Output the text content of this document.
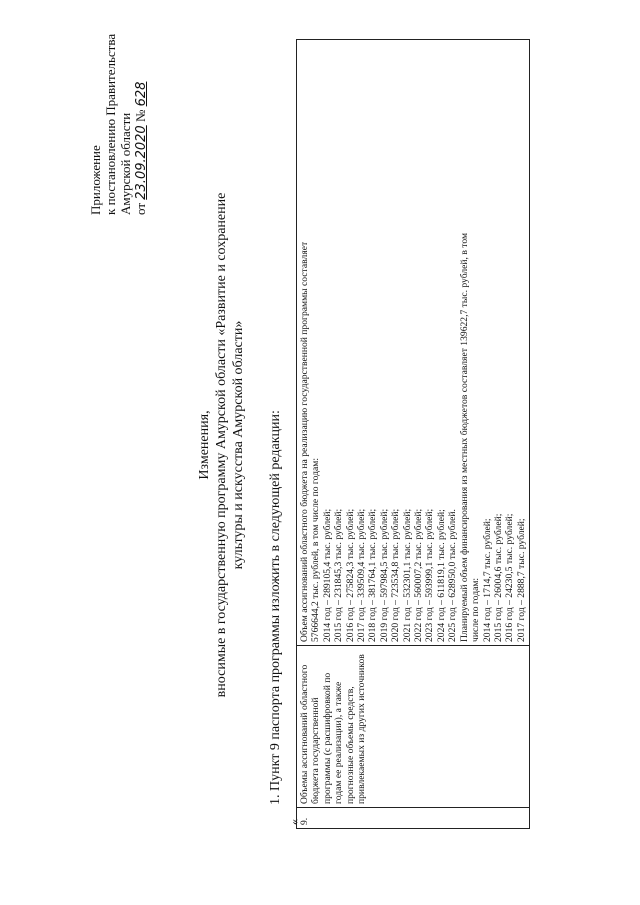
Приложение к постановлению Правительства Амурской области от 23.09.2020 № 628
Изменения, вносимые в государственную программу Амурской области «Развитие и сохранение культуры и искусства Амурской области» 1. Пункт 9 паспорта программы изложить в следующей редакции:
«
9.	Объемы ассигнований областного бюджета государственной программы (с расшифровкой по годам ее реализации), а также прогнозные объемы средств, привлекаемых из других источников	
Объем ассигнований областного бюджета на реализацию государственной программы составляет 5766644,2 тыс. рублей, в том числе по годам: 2014 год – 289105,4 тыс. рублей; 2015 год – 231845,3 тыс. рублей; 2016 год – 275824,3 тыс. рублей; 2017 год – 339509,4 тыс. рублей; 2018 год – 381764,1 тыс. рублей; 2019 год – 597984,5 тыс. рублей; 2020 год – 723534,8 тыс. рублей; 2021 год – 532301,1 тыс. рублей; 2022 год – 560007,2 тыс. рублей; 2023 год – 593999,1 тыс. рублей; 2024 год – 611819,1 тыс. рублей; 2025 год – 628950,0 тыс. рублей. Планируемый объем финансирования из местных бюджетов составляет 139622,7 тыс. рублей, в том числе по годам: 2014 год – 1714,7 тыс. рублей; 2015 год – 26004,6 тыс. рублей; 2016 год – 24230,5 тыс. рублей; 2017 год – 2888,7 тыс. рублей;
